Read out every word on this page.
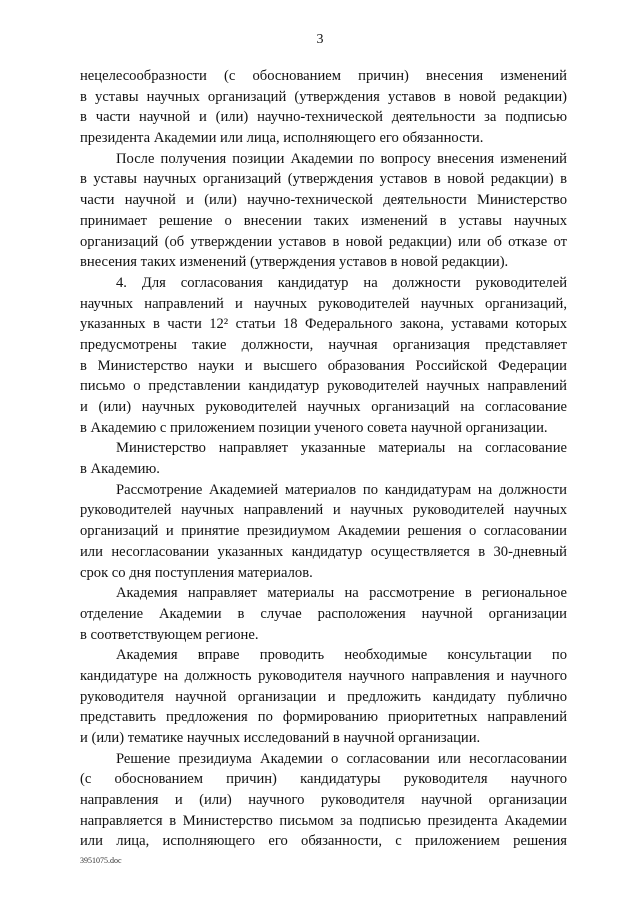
3
нецелесообразности (с обоснованием причин) внесения изменений
в уставы научных организаций (утверждения уставов в новой редакции)
в части научной и (или) научно-технической деятельности за подписью
президента Академии или лица, исполняющего его обязанности.
После получения позиции Академии по вопросу внесения изменений
в уставы научных организаций (утверждения уставов в новой редакции) в
части научной и (или) научно-технической деятельности Министерство
принимает решение о внесении таких изменений в уставы научных
организаций (об утверждении уставов в новой редакции) или об отказе от
внесения таких изменений (утверждения уставов в новой редакции).
4. Для согласования кандидатур на должности руководителей
научных направлений и научных руководителей научных организаций,
указанных в части 12² статьи 18 Федерального закона, уставами которых
предусмотрены такие должности, научная организация представляет
в Министерство науки и высшего образования Российской Федерации
письмо о представлении кандидатур руководителей научных направлений
и (или) научных руководителей научных организаций на согласование
в Академию с приложением позиции ученого совета научной организации.
Министерство направляет указанные материалы на согласование
в Академию.
Рассмотрение Академией материалов по кандидатурам на должности
руководителей научных направлений и научных руководителей научных
организаций и принятие президиумом Академии решения о согласовании
или несогласовании указанных кандидатур осуществляется в 30-дневный
срок со дня поступления материалов.
Академия направляет материалы на рассмотрение в региональное
отделение Академии в случае расположения научной организации
в соответствующем регионе.
Академия вправе проводить необходимые консультации по
кандидатуре на должность руководителя научного направления и научного
руководителя научной организации и предложить кандидату публично
представить предложения по формированию приоритетных направлений
и (или) тематике научных исследований в научной организации.
Решение президиума Академии о согласовании или несогласовании
(с обоснованием причин) кандидатуры руководителя научного
направления и (или) научного руководителя научной организации
направляется в Министерство письмом за подписью президента Академии
или лица, исполняющего его обязанности, с приложением решения
3951075.doc
